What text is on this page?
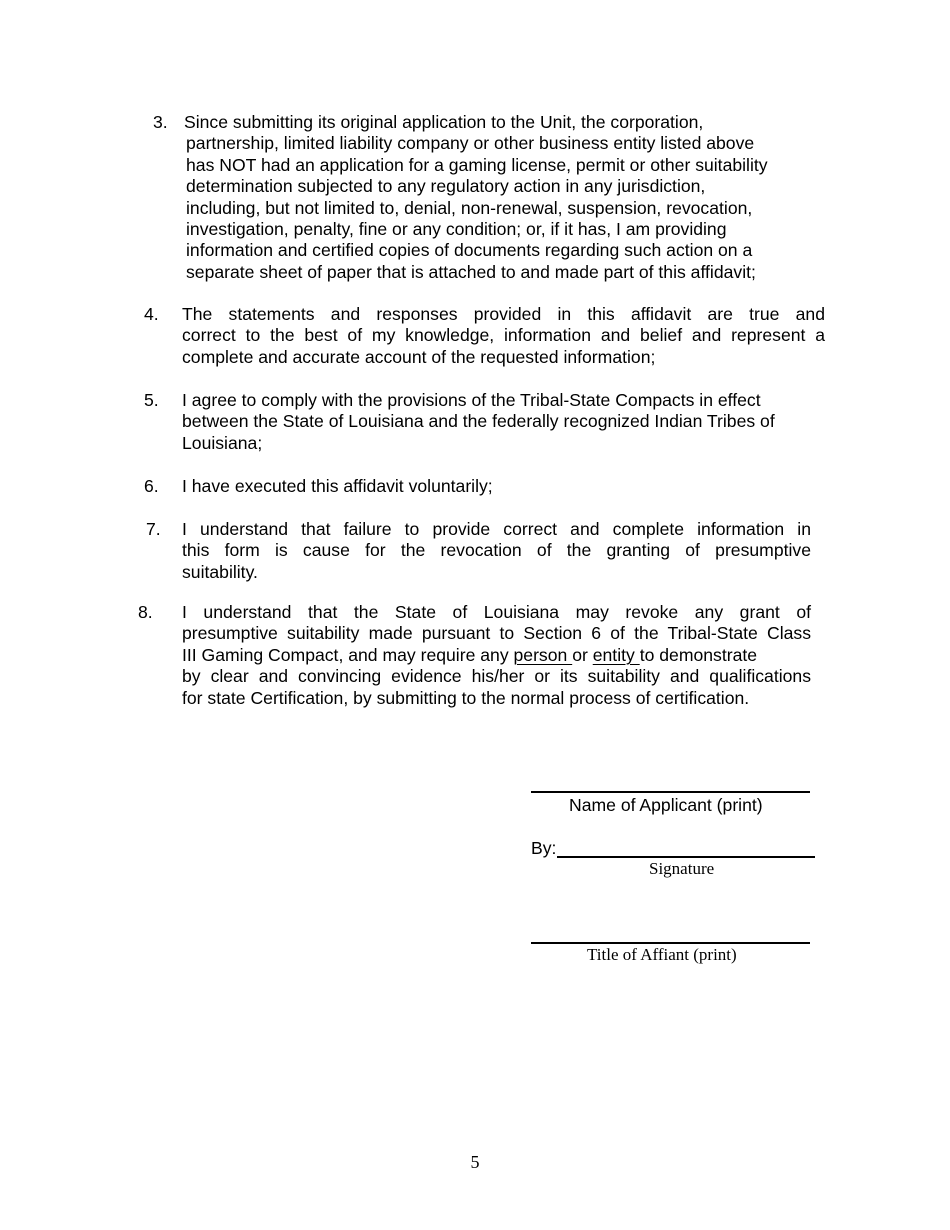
3. Since submitting its original application to the Unit, the corporation,
partnership, limited liability company or other business entity listed above
has NOT had an application for a gaming license, permit or other suitability
determination subjected to any regulatory action in any jurisdiction,
including, but not limited to, denial, non-renewal, suspension, revocation,
investigation, penalty, fine or any condition; or, if it has, I am providing
information and certified copies of documents regarding such action on a
separate sheet of paper that is attached to and made part of this affidavit;
4. The statements and responses provided in this affidavit are true and
correct to the best of my knowledge, information and belief and represent a
complete and accurate account of the requested information;
5. I agree to comply with the provisions of the Tribal-State Compacts in effect
between the State of Louisiana and the federally recognized Indian Tribes of
Louisiana;
6. I have executed this affidavit voluntarily;
7. I understand that failure to provide correct and complete information in
this form is cause for the revocation of the granting of presumptive
suitability.
8. I understand that the State of Louisiana may revoke any grant of
presumptive suitability made pursuant to Section 6 of the Tribal-State Class
III Gaming Compact, and may require any person or entity to demonstrate
by clear and convincing evidence his/her or its suitability and qualifications
for state Certification, by submitting to the normal process of certification.
Name of Applicant (print)
By:
Signature
Title of Affiant (print)
5
